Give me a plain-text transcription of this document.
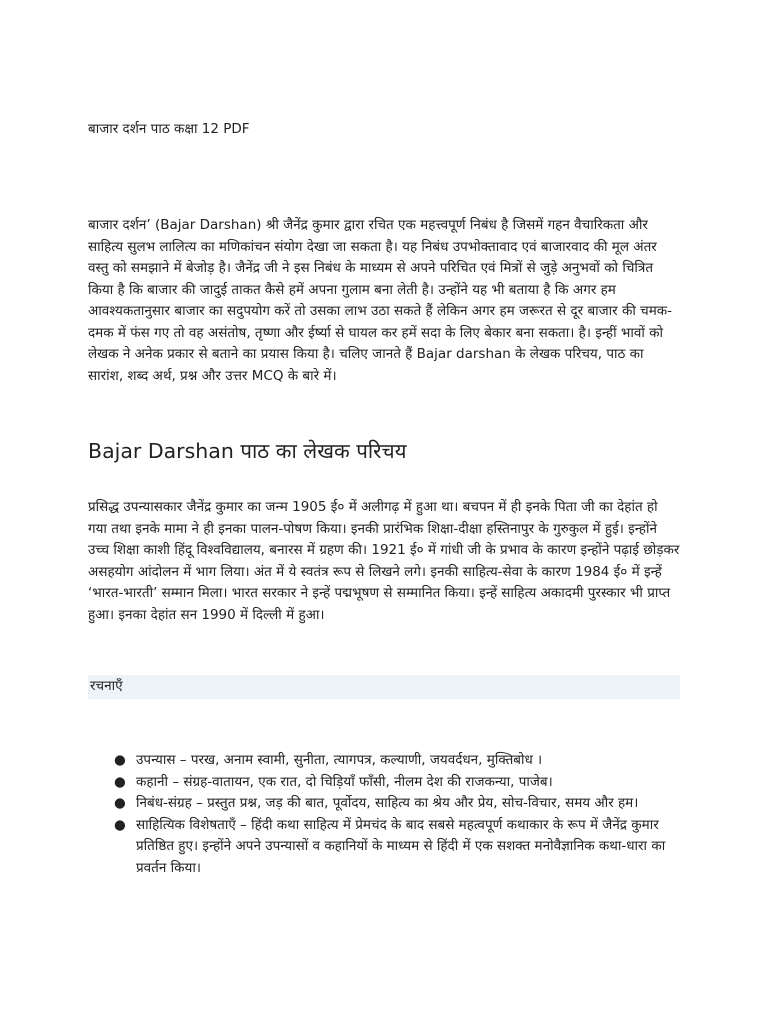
बाजार दर्शन पाठ कक्षा 12 PDF

बाजार दर्शन’ (Bajar Darshan) श्री जैनेंद्र कुमार द्वारा रचित एक महत्त्वपूर्ण निबंध है जिसमें गहन वैचारिकता और साहित्य सुलभ लालित्य का मणिकांचन संयोग देखा जा सकता है। यह निबंध उपभोक्तावाद एवं बाजारवाद की मूल अंतर वस्तु को समझाने में बेजोड़ है। जैनेंद्र जी ने इस निबंध के माध्यम से अपने परिचित एवं मित्रों से जुड़े अनुभवों को चित्रित किया है कि बाजार की जादुई ताकत कैसे हमें अपना गुलाम बना लेती है। उन्होंने यह भी बताया है कि अगर हम आवश्यकतानुसार बाजार का सदुपयोग करें तो उसका लाभ उठा सकते हैं लेकिन अगर हम जरूरत से दूर बाजार की चमक-दमक में फंस गए तो वह असंतोष, तृष्णा और ईर्ष्या से घायल कर हमें सदा के लिए बेकार बना सकता। है। इन्हीं भावों को लेखक ने अनेक प्रकार से बताने का प्रयास किया है। चलिए जानते हैं Bajar darshan के लेखक परिचय, पाठ का सारांश, शब्द अर्थ, प्रश्न और उत्तर MCQ के बारे में।

Bajar Darshan पाठ का लेखक परिचय

प्रसिद्ध उपन्यासकार जैनेंद्र कुमार का जन्म 1905 ई० में अलीगढ़ में हुआ था। बचपन में ही इनके पिता जी का देहांत हो गया तथा इनके मामा ने ही इनका पालन-पोषण किया। इनकी प्रारंभिक शिक्षा-दीक्षा हस्तिनापुर के गुरुकुल में हुई। इन्होंने उच्च शिक्षा काशी हिंदू विश्वविद्यालय, बनारस में ग्रहण की। 1921 ई० में गांधी जी के प्रभाव के कारण इन्होंने पढ़ाई छोड़कर असहयोग आंदोलन में भाग लिया। अंत में ये स्वतंत्र रूप से लिखने लगे। इनकी साहित्य-सेवा के कारण 1984 ई० में इन्हें ‘भारत-भारती’ सम्मान मिला। भारत सरकार ने इन्हें पद्मभूषण से सम्मानित किया। इन्हें साहित्य अकादमी पुरस्कार भी प्राप्त हुआ। इनका देहांत सन 1990 में दिल्ली में हुआ।

रचनाएँ
● उपन्यास – परख, अनाम स्वामी, सुनीता, त्यागपत्र, कल्याणी, जयवर्दधन, मुक्तिबोध ।
● कहानी – संग्रह-वातायन, एक रात, दो चिड़ियाँ फाँसी, नीलम देश की राजकन्या, पाजेब।
● निबंध-संग्रह – प्रस्तुत प्रश्न, जड़ की बात, पूर्वोदय, साहित्य का श्रेय और प्रेय, सोच-विचार, समय और हम।
● साहित्यिक विशेषताएँ – हिंदी कथा साहित्य में प्रेमचंद के बाद सबसे महत्वपूर्ण कथाकार के रूप में जैनेंद्र कुमार प्रतिष्ठित हुए। इन्होंने अपने उपन्यासों व कहानियों के माध्यम से हिंदी में एक सशक्त मनोवैज्ञानिक कथा-धारा का प्रवर्तन किया।
